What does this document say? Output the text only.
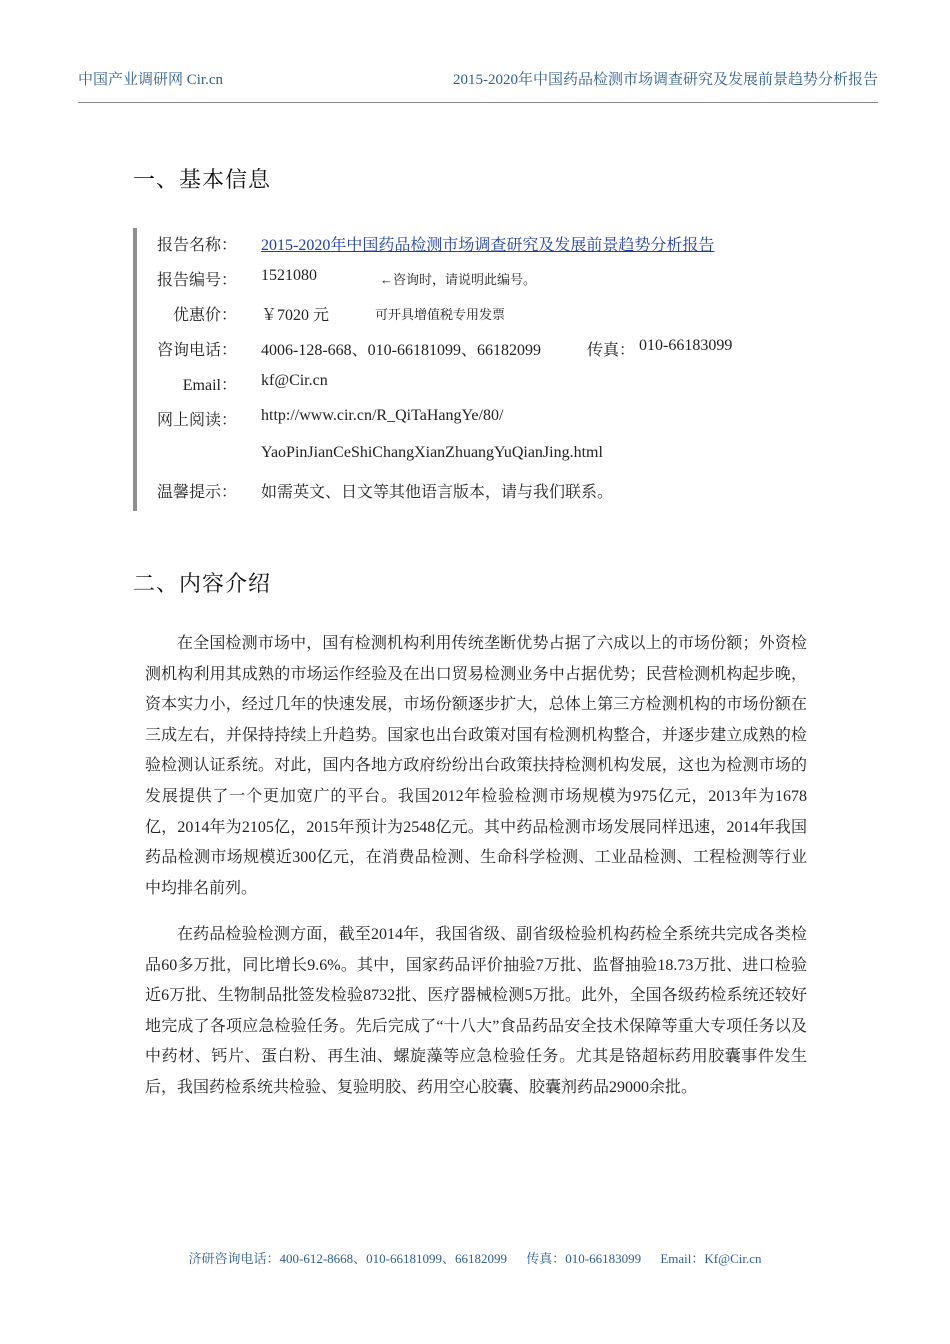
中国产业调研网 Cir.cn	2015-2020年中国药品检测市场调查研究及发展前景趋势分析报告
一、基本信息
报告名称： 2015-2020年中国药品检测市场调查研究及发展前景趋势分析报告
报告编号： 1521080	←咨询时，请说明此编号。
优惠价： ￥7020 元	可开具增值税专用发票
咨询电话： 4006-128-668、010-66181099、66182099	传真： 010-66183099
Email： kf@Cir.cn
网上阅读： http://www.cir.cn/R_QiTaHangYe/80/
YaoPinJianCeShiChangXianZhuangYuQianJing.html
温馨提示： 如需英文、日文等其他语言版本，请与我们联系。
二、内容介绍

在全国检测市场中，国有检测机构利用传统垄断优势占据了六成以上的市场份额；外资检测机构利用其成熟的市场运作经验及在出口贸易检测业务中占据优势；民营检测机构起步晚，资本实力小，经过几年的快速发展，市场份额逐步扩大，总体上第三方检测机构的市场份额在三成左右，并保持持续上升趋势。国家也出台政策对国有检测机构整合，并逐步建立成熟的检验检测认证系统。对此，国内各地方政府纷纷出台政策扶持检测机构发展，这也为检测市场的发展提供了一个更加宽广的平台。我国2012年检验检测市场规模为975亿元，2013年为1678亿，2014年为2105亿，2015年预计为2548亿元。其中药品检测市场发展同样迅速，2014年我国药品检测市场规模近300亿元，在消费品检测、生命科学检测、工业品检测、工程检测等行业中均排名前列。

在药品检验检测方面，截至2014年，我国省级、副省级检验机构药检全系统共完成各类检品60多万批，同比增长9.6%。其中，国家药品评价抽验7万批、监督抽验18.73万批、进口检验近6万批、生物制品批签发检验8732批、医疗器械检测5万批。此外，全国各级药检系统还较好地完成了各项应急检验任务。先后完成了“十八大”食品药品安全技术保障等重大专项任务以及中药材、钙片、蛋白粉、再生油、螺旋藻等应急检验任务。尤其是铬超标药用胶囊事件发生后，我国药检系统共检验、复验明胶、药用空心胶囊、胶囊剂药品29000余批。

济研咨询电话：400-612-8668、010-66181099、66182099 传真：010-66183099 Email：Kf@Cir.cn
